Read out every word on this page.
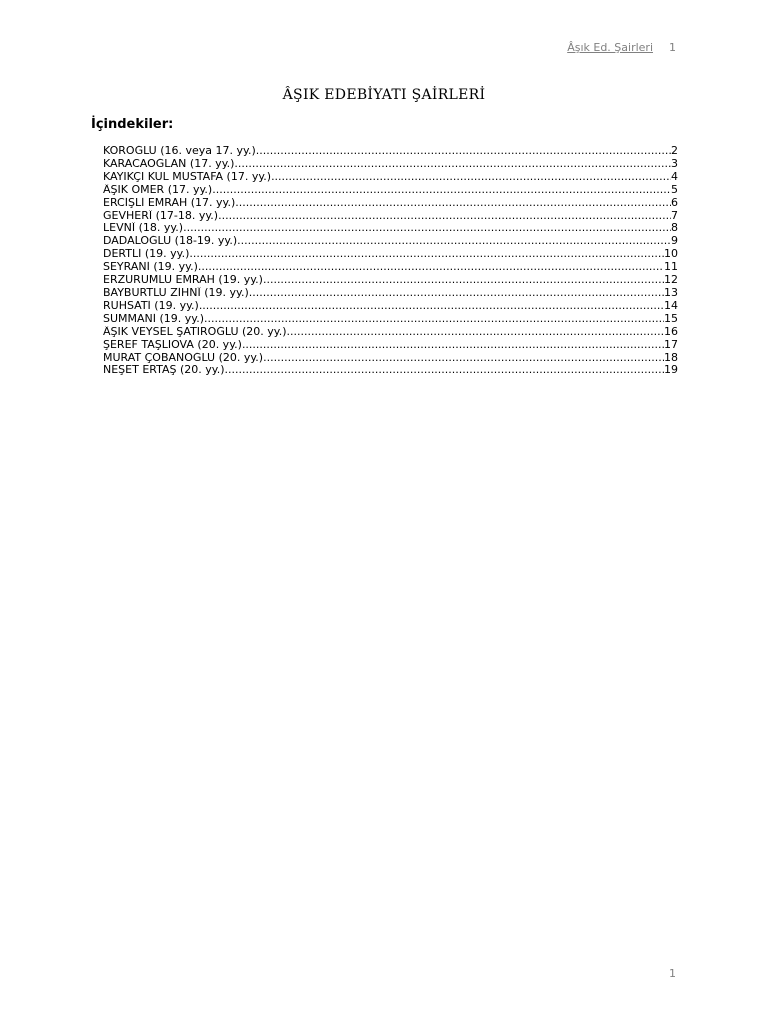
Âşık Ed. Şairleri 1
ÂŞIK EDEBİYATI ŞAİRLERİ
İçindekiler:
KÖROĞLU (16. veya 17. yy.) .....	2
KARACAOĞLAN (17. yy.) .....	3
KAYIKÇI KUL MUSTAFA (17. yy.) .....	4
ÂŞIK ÖMER (17. yy.) .....	5
ERCİŞLİ EMRAH (17. yy.) .....	6
GEVHERÎ (17-18. yy.) .....	7
LEVNÎ (18. yy.) .....	8
DADALOĞLU (18-19. yy.) .....	9
DERTLİ (19. yy.) .....	10
SEYRANİ (19. yy.) .....	11
ERZURUMLU EMRAH (19. yy.) .....	12
BAYBURTLU ZİHNÎ (19. yy.) .....	13
RUHSATİ (19. yy.) .....	14
SÜMMANİ (19. yy.) .....	15
ÂŞIK VEYSEL ŞATIROĞLU (20. yy.) .....	16
ŞEREF TAŞLIOVA (20. yy.) .....	17
MURAT ÇOBANOĞLU (20. yy.) .....	18
NEŞET ERTAŞ (20. yy.) .....	19
1
